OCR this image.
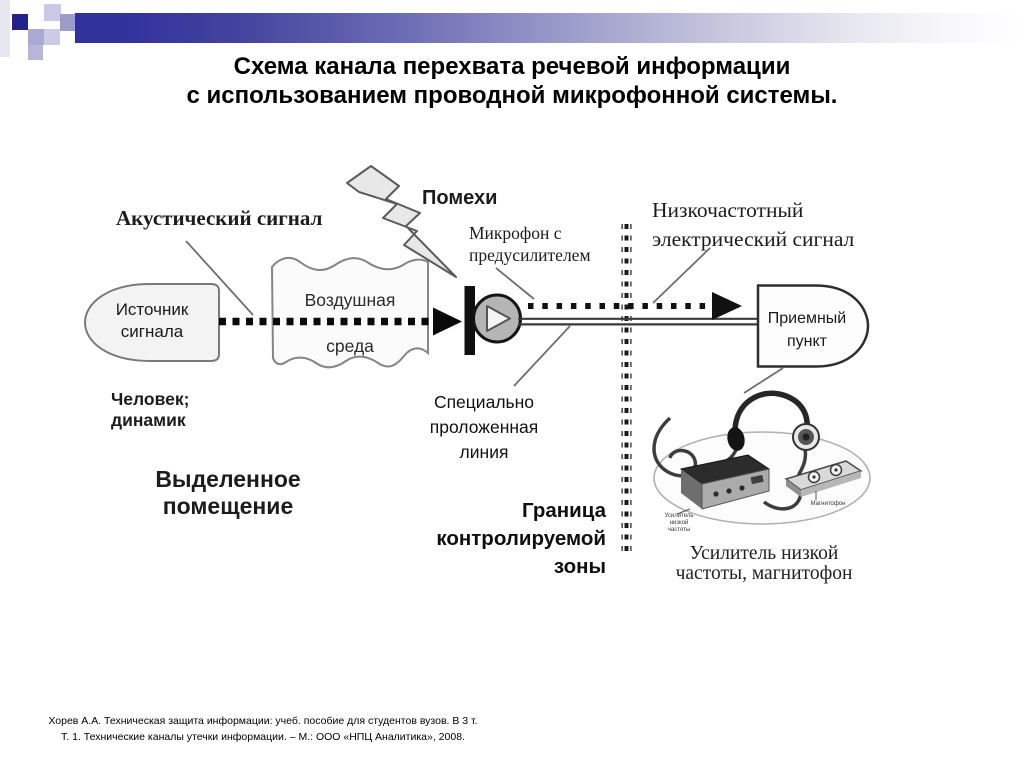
Схема канала перехвата речевой информации
с использованием проводной микрофонной системы.
Акустический сигнал
Помехи
Микрофон с
предусилителем
Низкочастотный
электрический сигнал
Источник
сигнала
Воздушная
среда
Человек;
динамик
Выделенное
помещение
Специально
проложенная
линия
Граница
контролируемой
зоны
Приемный
пункт
Усилитель низкой
частоты, магнитофон
Усилитель
низкой
частоты
Магнитофон
Хорев А.А. Техническая защита информации: учеб. пособие для студентов вузов. В 3 т.
Т. 1. Технические каналы утечки информации. – М.: ООО «НПЦ Аналитика», 2008.
